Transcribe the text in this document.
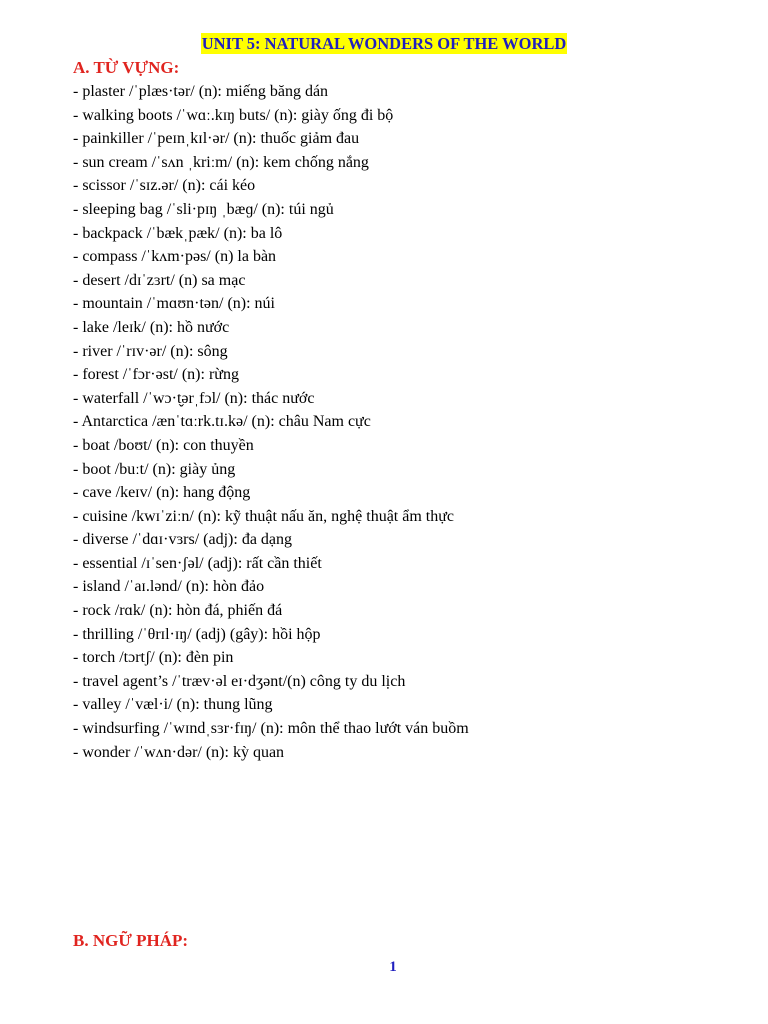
UNIT 5: NATURAL WONDERS OF THE WORLD
A. TỪ VỰNG:
- plaster /ˈplæs·tər/ (n): miếng băng dán
- walking boots /ˈwɑː.kɪŋ buts/ (n): giày ống đi bộ
- painkiller /ˈpeɪnˌkɪl·ər/ (n): thuốc giảm đau
- sun cream /ˈsʌn ˌkriːm/ (n): kem chống nắng
- scissor /ˈsɪz.ər/ (n): cái kéo
- sleeping bag /ˈsli·pɪŋ ˌbæɡ/ (n): túi ngủ
- backpack /ˈbækˌpæk/ (n): ba lô
- compass /ˈkʌm·pəs/ (n) la bàn
- desert /dɪˈzɜrt/ (n) sa mạc
- mountain /ˈmɑʊn·tən/ (n): núi
- lake /leɪk/ (n): hồ nước
- river /ˈrɪv·ər/ (n): sông
- forest /ˈfɔr·əst/ (n): rừng
- waterfall /ˈwɔ·t̬ərˌfɔl/ (n): thác nước
- Antarctica /ænˈtɑːrk.tɪ.kə/ (n): châu Nam cực
- boat /boʊt/ (n): con thuyền
- boot /buːt/ (n): giày ủng
- cave /keɪv/ (n): hang động
- cuisine /kwɪˈziːn/ (n): kỹ thuật nấu ăn, nghệ thuật ẩm thực
- diverse /ˈdɑɪ·vɜrs/ (adj): đa dạng
- essential /ɪˈsen·ʃəl/ (adj): rất cần thiết
- island /ˈaɪ.lənd/ (n): hòn đảo
- rock /rɑk/ (n): hòn đá, phiến đá
- thrilling /ˈθrɪl·ɪŋ/ (adj) (gây): hồi hộp
- torch /tɔrtʃ/ (n): đèn pin
- travel agent’s /ˈtræv·əl eɪ·dʒənt/(n) công ty du lịch
- valley /ˈvæl·i/ (n): thung lũng
- windsurfing /ˈwɪndˌsɜr·fɪŋ/ (n): môn thể thao lướt ván buồm
- wonder /ˈwʌn·dər/ (n): kỳ quan
B. NGỮ PHÁP:
1
